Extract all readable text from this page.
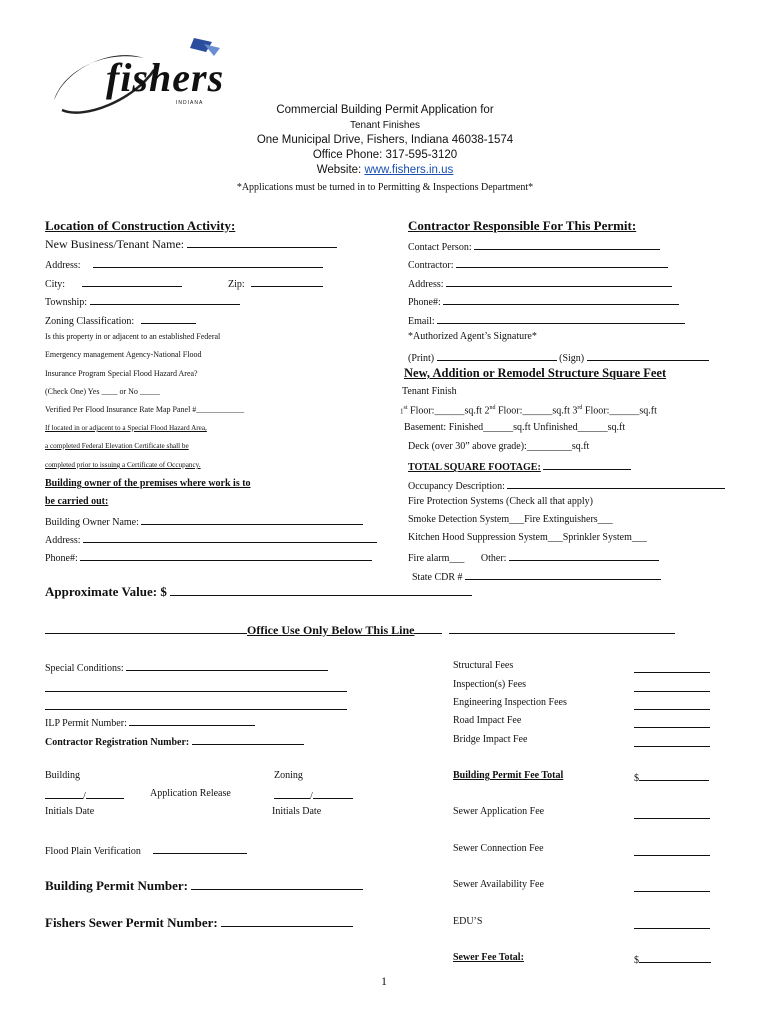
fishers
INDIANA
Commercial Building Permit Application for
Tenant Finishes
One Municipal Drive, Fishers, Indiana 46038-1574
Office Phone: 317-595-3120
Website: www.fishers.in.us
*Applications must be turned in to Permitting & Inspections Department*
Location of Construction Activity:
New Business/Tenant Name:
Address:
City:	Zip:
Township:
Zoning Classification:
Is this property in or adjacent to an established Federal
Emergency management Agency-National Flood
Insurance Program Special Flood Hazard Area?
(Check One) Yes ____ or No _____
Verified Per Flood Insurance Rate Map Panel #____________
If located in or adjacent to a Special Flood Hazard Area,
a completed Federal Elevation Certificate shall be
completed prior to issuing a Certificate of Occupancy.
Building owner of the premises where work is to
be carried out:
Building Owner Name:
Address:
Phone#:
Approximate Value: $
Contractor Responsible For This Permit:
Contact Person:
Contractor:
Address:
Phone#:
Email:
*Authorized Agent’s Signature*
(Print)	(Sign)
New, Addition or Remodel Structure Square Feet
Tenant Finish
1st Floor:______sq.ft 2nd Floor:______sq.ft 3rd Floor:______sq.ft
Basement: Finished______sq.ft Unfinished______sq.ft
Deck (over 30” above grade):_________sq.ft
TOTAL SQUARE FOOTAGE:
Occupancy Description:
Fire Protection Systems (Check all that apply)
Smoke Detection System___Fire Extinguishers___
Kitchen Hood Suppression System___Sprinkler System___
Fire alarm___ Other:
State CDR #
Office Use Only Below This Line
Special Conditions:
ILP Permit Number:
Contractor Registration Number:
Building	Zoning
/	Application Release	/
Initials Date	Initials Date
Flood Plain Verification
Building Permit Number:
Fishers Sewer Permit Number:
Structural Fees
Inspection(s) Fees
Engineering Inspection Fees
Road Impact Fee
Bridge Impact Fee
Building Permit Fee Total	$
Sewer Application Fee
Sewer Connection Fee
Sewer Availability Fee
EDU’S
Sewer Fee Total:	$
1
